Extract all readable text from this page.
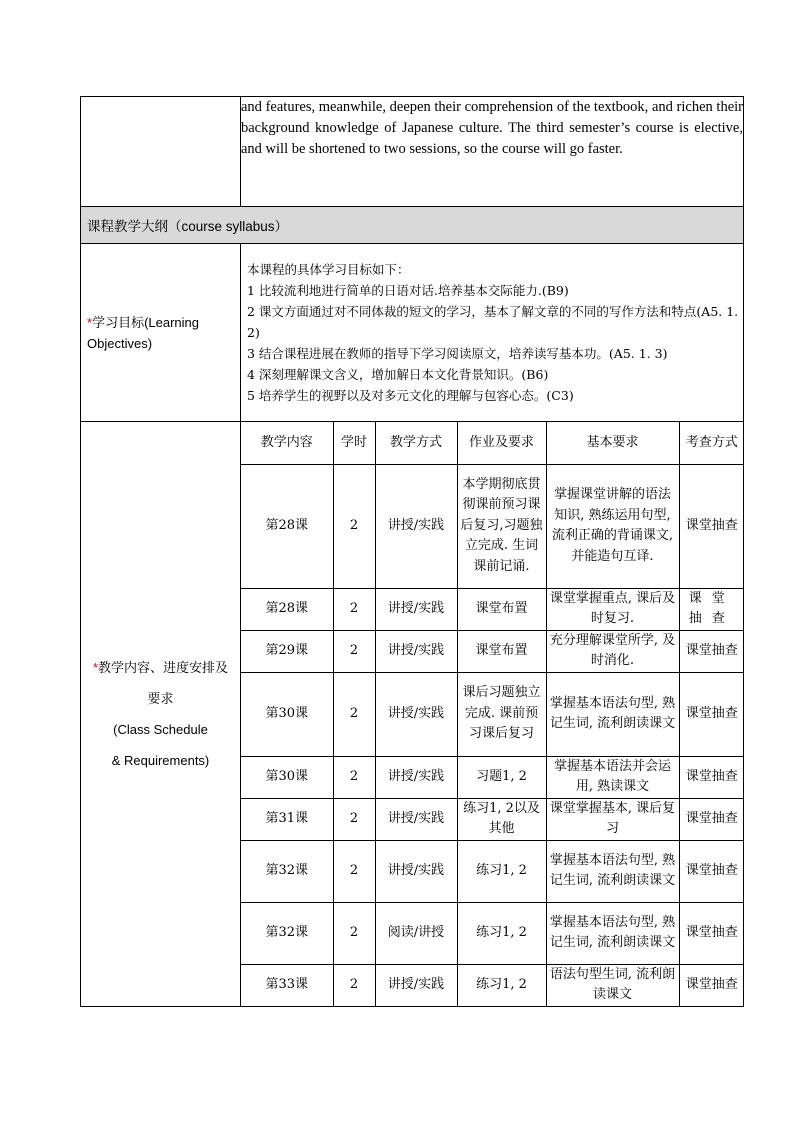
	and features, meanwhile, deepen their comprehension of the textbook, and richen their background knowledge of Japanese culture. The third semester’s course is elective, and will be shortened to two sessions, so the course will go faster.
课程教学大纲（course syllabus）
*学习目标(Learning Objectives)	
本课程的具体学习目标如下：
1 比较流利地进行简单的日语对话.培养基本交际能力.(B9)
2 课文方面通过对不同体裁的短文的学习，基本了解文章的不同的写作方法和特点(A5. 1. 2)
3 结合课程进展在教师的指导下学习阅读原文，培养读写基本功。(A5. 1. 3)
4 深刻理解课文含义，增加解日本文化背景知识。(B6)
5 培养学生的视野以及对多元文化的理解与包容心态。(C3)

*教学内容、进度安排及
要求
(Class Schedule
& Requirements)

教学内容	学时	教学方式	作业及要求	基本要求	考查方式
第28课	2	讲授/实践	本学期彻底贯彻课前预习课后复习,习题独立完成. 生词课前记诵.	掌握课堂讲解的语法知识, 熟练运用句型, 流利正确的背诵课文, 并能造句互译.	课堂抽查
第28课	2	讲授/实践	课堂布置	课堂掌握重点, 课后及时复习.	课堂抽查
第29课	2	讲授/实践	课堂布置	充分理解课堂所学, 及时消化.	课堂抽查
第30课	2	讲授/实践	课后习题独立完成. 课前预习课后复习	掌握基本语法句型, 熟记生词, 流利朗读课文	课堂抽查
第30课	2	讲授/实践	习题1, 2	掌握基本语法并会运用, 熟读课文	课堂抽查
第31课	2	讲授/实践	练习1, 2以及其他	课堂掌握基本, 课后复习	课堂抽查
第32课	2	讲授/实践	练习1, 2	掌握基本语法句型, 熟记生词, 流利朗读课文	课堂抽查
第32课	2	阅读/讲授	练习1, 2	掌握基本语法句型, 熟记生词, 流利朗读课文	课堂抽查
第33课	2	讲授/实践	练习1, 2	语法句型生词, 流利朗读课文	课堂抽查
